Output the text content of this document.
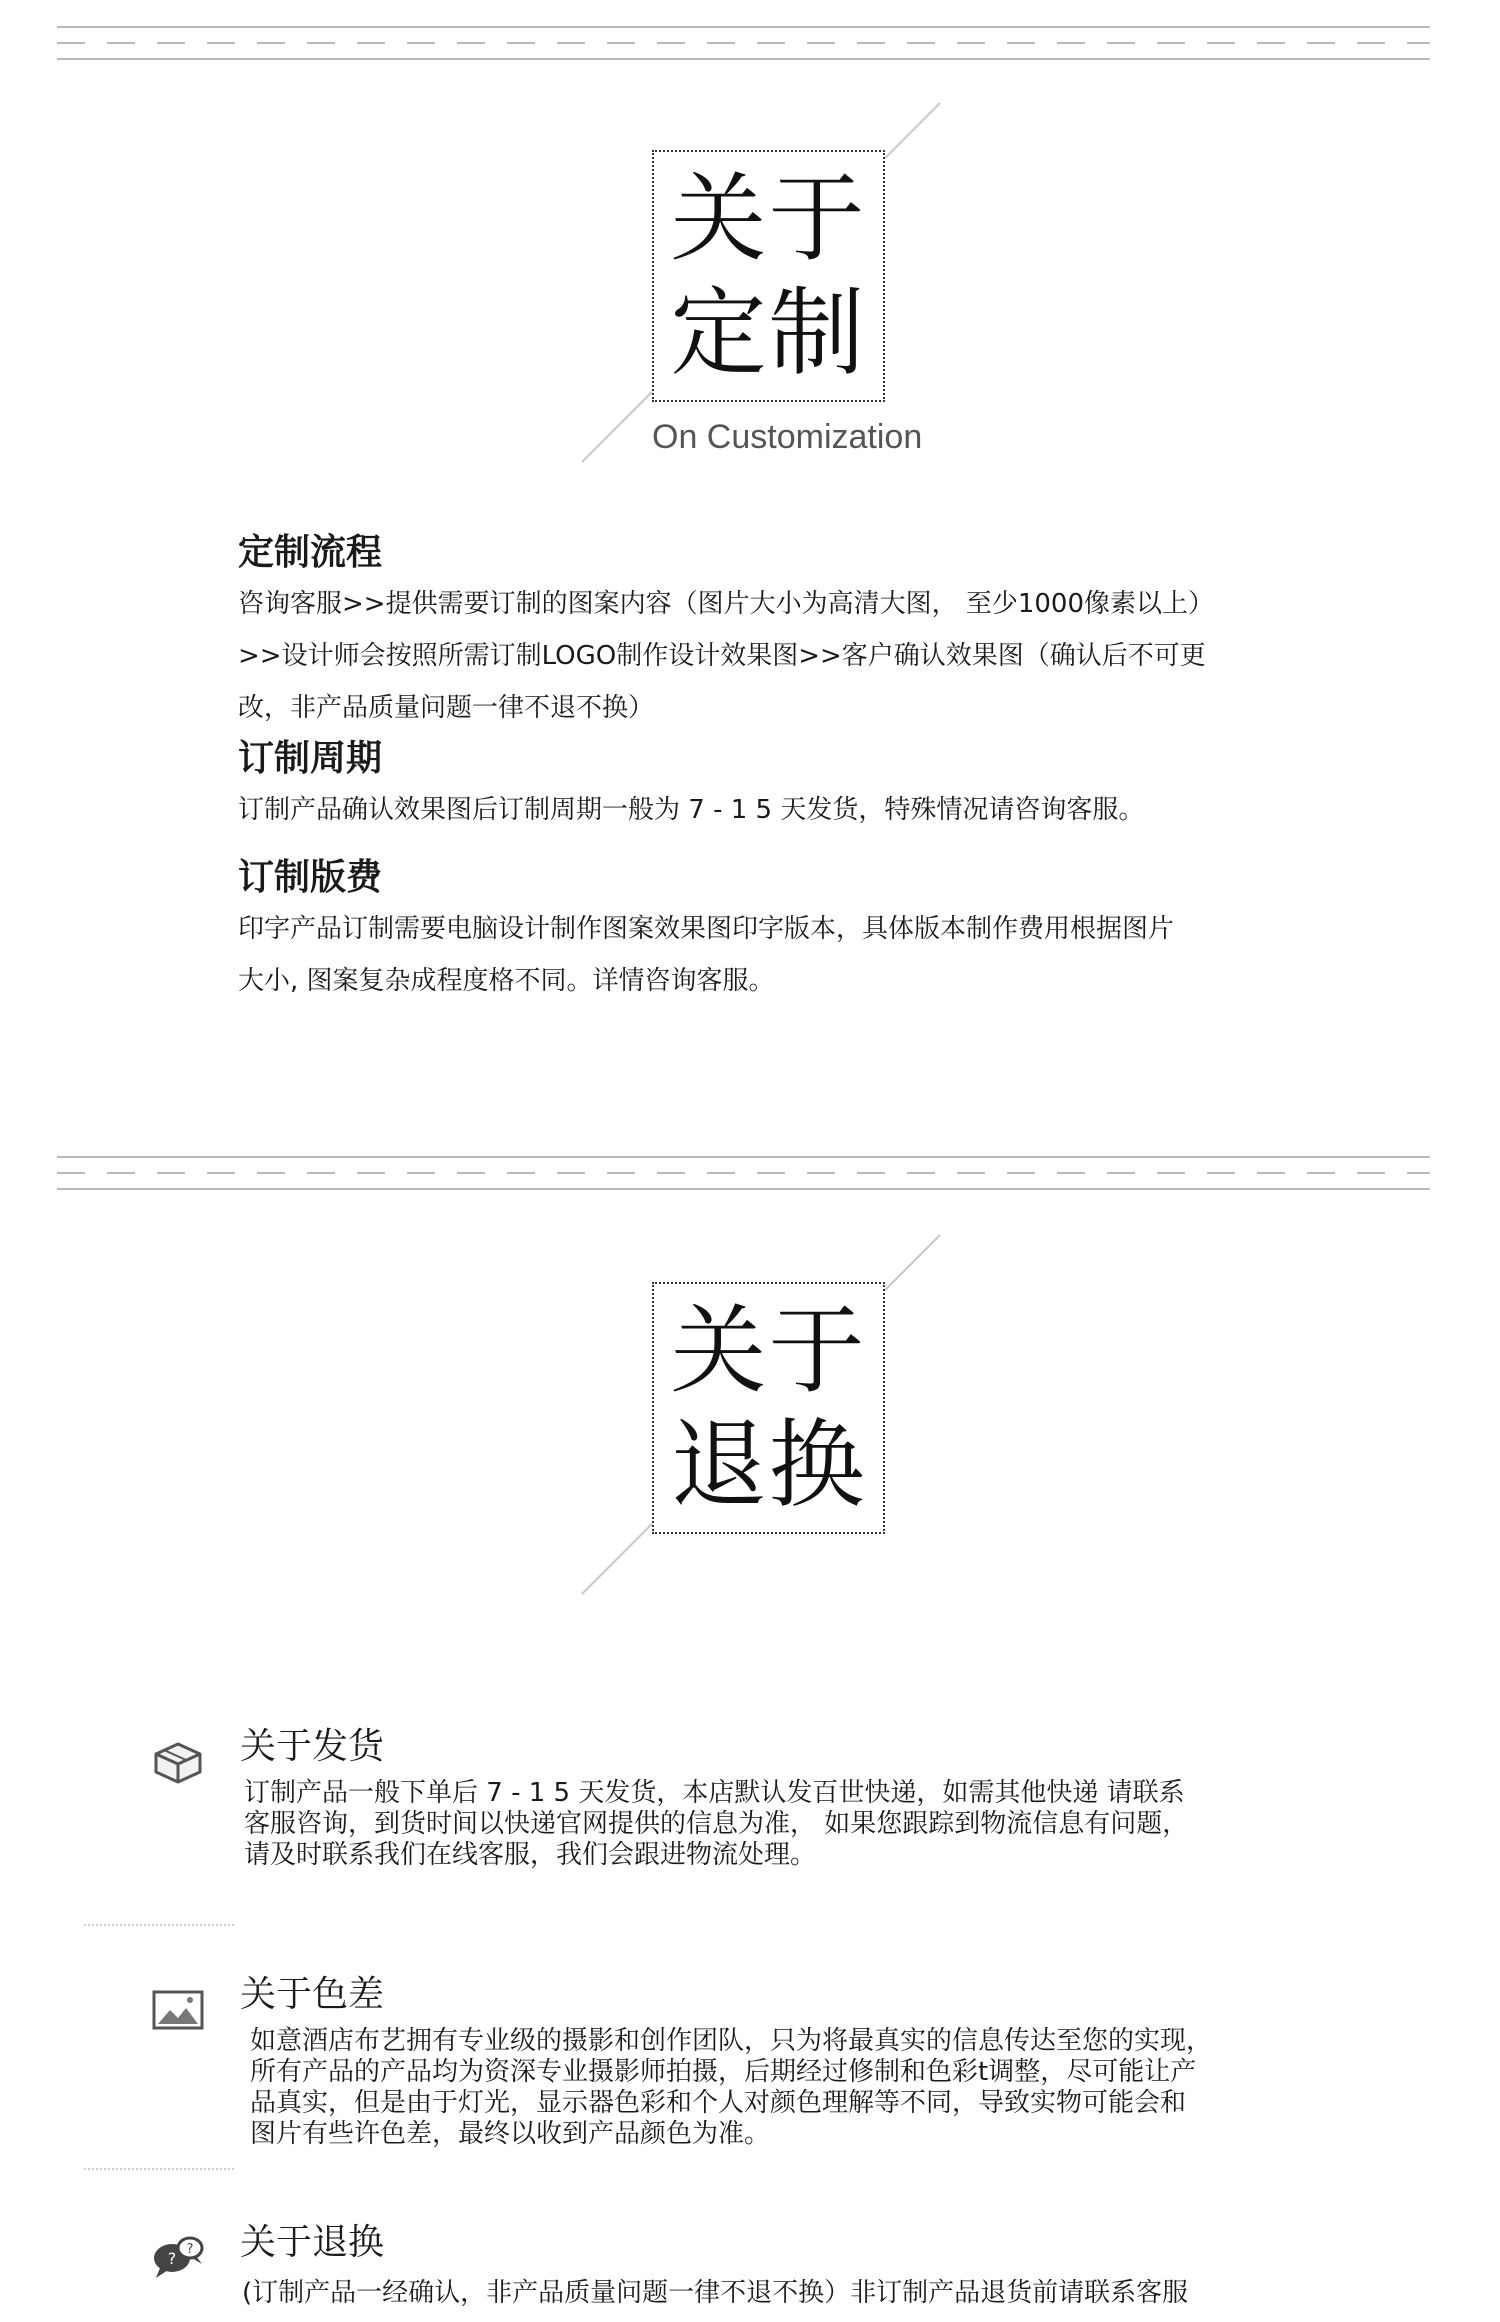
关于
定制
On Customization
定制流程

咨询客服>>提供需要订制的图案内容（图片大小为高清大图， 至少1000像素以上）

>>设计师会按照所需订制LOGO制作设计效果图>>客户确认效果图（确认后不可更

改，非产品质量问题一律不退不换）

订制周期

订制产品确认效果图后订制周期一般为 7 - 1 5 天发货，特殊情况请咨询客服。

订制版费

印字产品订制需要电脑设计制作图案效果图印字版本，具体版本制作费用根据图片

大小, 图案复杂成程度格不同。详情咨询客服。

关于
退换
关于发货
订制产品一般下单后 7 - 1 5 天发货，本店默认发百世快递，如需其他快递 请联系
客服咨询，到货时间以快递官网提供的信息为准， 如果您跟踪到物流信息有问题，
请及时联系我们在线客服，我们会跟进物流处理。
关于色差
如意酒店布艺拥有专业级的摄影和创作团队，只为将最真实的信息传达至您的实现，
所有产品的产品均为资深专业摄影师拍摄，后期经过修制和色彩t调整，尽可能让产
品真实，但是由于灯光，显示器色彩和个人对颜色理解等不同，导致实物可能会和
图片有些许色差，最终以收到产品颜色为准。
? ? 关于退换
(订制产品一经确认，非产品质量问题一律不退不换）非订制产品退货前请联系客服
